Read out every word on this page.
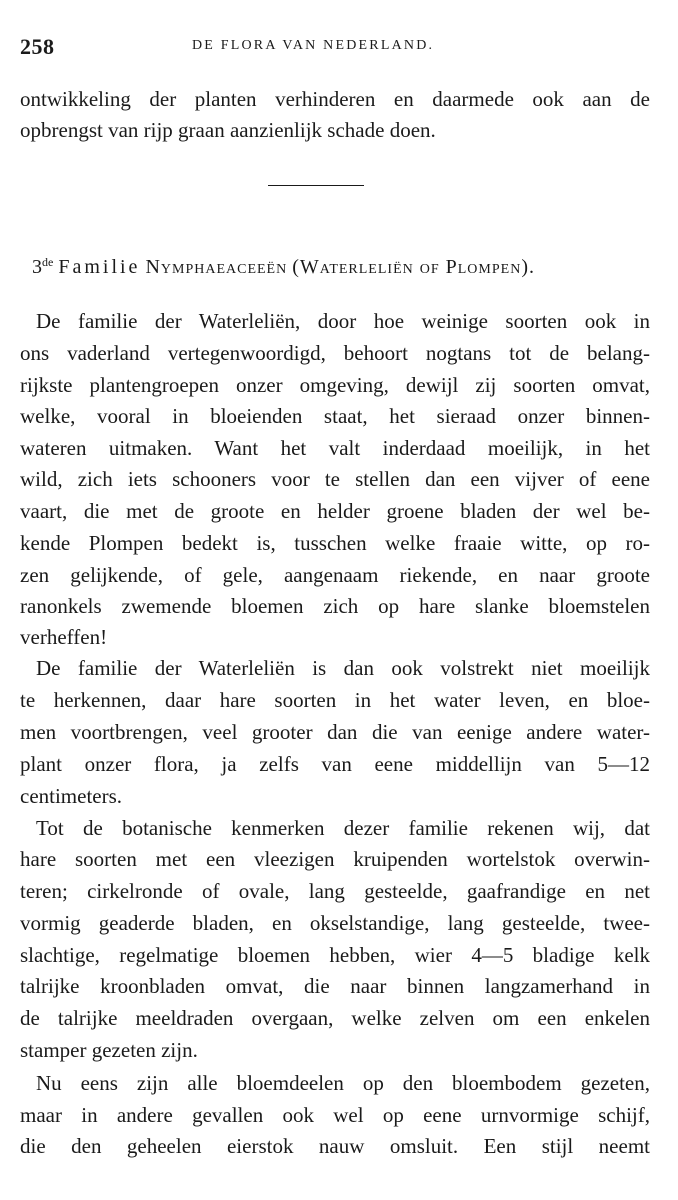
258	DE FLORA VAN NEDERLAND.
ontwikkeling der planten verhinderen en daarmede ook aan de
opbrengst van rijp graan aanzienlijk schade doen.
3de Familie Nymphaeaceeën (Waterleliën of Plompen).
De familie der Waterleliën, door hoe weinige soorten ook in
ons vaderland vertegenwoordigd, behoort nogtans tot de belang-
rijkste plantengroepen onzer omgeving, dewijl zij soorten omvat,
welke, vooral in bloeienden staat, het sieraad onzer binnen-
wateren uitmaken. Want het valt inderdaad moeilijk, in het
wild, zich iets schooners voor te stellen dan een vijver of eene
vaart, die met de groote en helder groene bladen der wel be-
kende Plompen bedekt is, tusschen welke fraaie witte, op ro-
zen gelijkende, of gele, aangenaam riekende, en naar groote
ranonkels zwemende bloemen zich op hare slanke bloemstelen
verheffen!
De familie der Waterleliën is dan ook volstrekt niet moeilijk
te herkennen, daar hare soorten in het water leven, en bloe-
men voortbrengen, veel grooter dan die van eenige andere water-
plant onzer flora, ja zelfs van eene middellijn van 5—12
centimeters.
Tot de botanische kenmerken dezer familie rekenen wij, dat
hare soorten met een vleezigen kruipenden wortelstok overwin-
teren; cirkelronde of ovale, lang gesteelde, gaafrandige en net
vormig geaderde bladen, en okselstandige, lang gesteelde, twee-
slachtige, regelmatige bloemen hebben, wier 4—5 bladige kelk
talrijke kroonbladen omvat, die naar binnen langzamerhand in
de talrijke meeldraden overgaan, welke zelven om een enkelen
stamper gezeten zijn.
Nu eens zijn alle bloemdeelen op den bloembodem gezeten,
maar in andere gevallen ook wel op eene urnvormige schijf,
die den geheelen eierstok nauw omsluit. Een stijl neemt
